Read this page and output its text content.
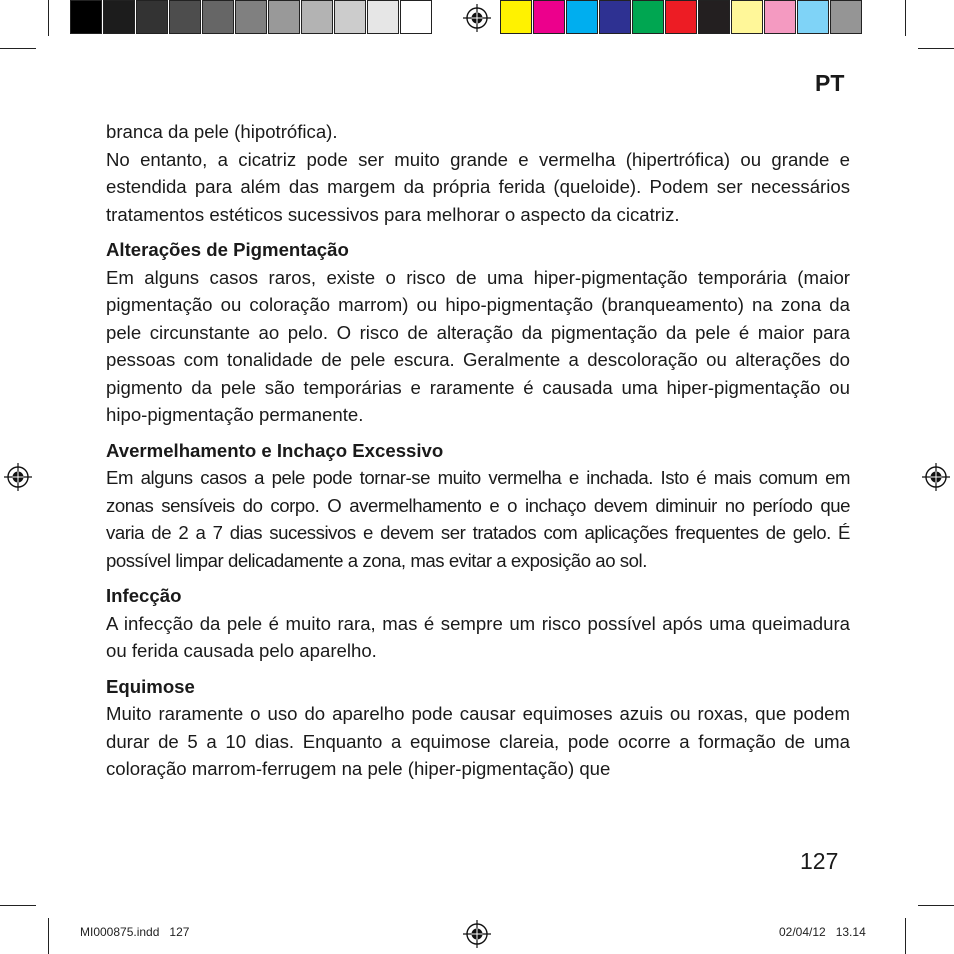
PT

branca da pele (hipotrófica).

No entanto, a cicatriz pode ser muito grande e vermelha (hipertrófica) ou grande e estendida para além das margem da própria ferida (queloide). Podem ser necessários tratamentos estéticos sucessivos para melhorar o aspecto da cicatriz.

Alterações de Pigmentação

Em alguns casos raros, existe o risco de uma hiper-pigmentação temporária (maior pigmentação ou coloração marrom) ou hipo-pigmentação (branqueamento) na zona da pele circunstante ao pelo. O risco de alteração da pigmentação da pele é maior para pessoas com tonalidade de pele escura. Geralmente a descoloração ou alterações do pigmento da pele são temporárias e raramente é causada uma hiper-pigmentação ou hipo-pigmentação permanente.

Avermelhamento e Inchaço Excessivo

Em alguns casos a pele pode tornar-se muito vermelha e inchada. Isto é mais comum em zonas sensíveis do corpo. O avermelhamento e o inchaço devem diminuir no período que varia de 2 a 7 dias sucessivos e devem ser tratados com aplicações frequentes de gelo. É possível limpar delicadamente a zona, mas evitar a exposição ao sol.

Infecção

A infecção da pele é muito rara, mas é sempre um risco possível após uma queimadura ou ferida causada pelo aparelho.

Equimose

Muito raramente o uso do aparelho pode causar equimoses azuis ou roxas, que podem durar de 5 a 10 dias. Enquanto a equimose clareia, pode ocorre a formação de uma coloração marrom-ferrugem na pele (hiper-pigmentação) que

127
MI000875.indd   127	02/04/12   13.14
